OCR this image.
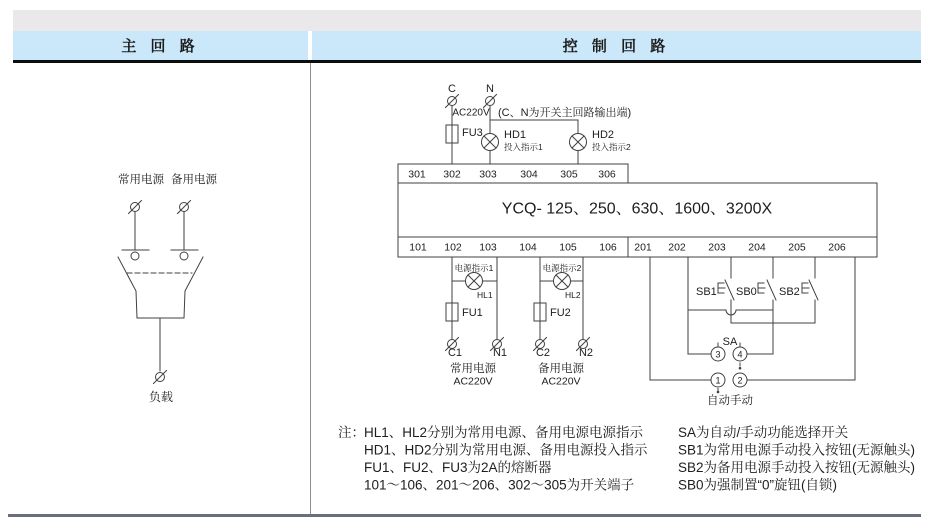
主 回 路	控 制 回 路
常用电源 备用电源
负载
C	N
AC220V (C、N为开关主回路输出端)
FU3 HD1
投入指示1
HD2
投入指示2
301 302 303 304 305 306
YCQ- 125、250、630、1600、3200X
101 102 103 104 105 106 201 202 203 204 205 206
电源指示1
HL1
FU1
C1	N1
常用电源
AC220V
电源指示2
HL2
FU2
C2	N2
备用电源
AC220V
SB1 SB0 SB2
SA
3 4
1 2
自动手动
注： HL1、HL2分别为常用电源、备用电源电源指示
HD1、HD2分别为常用电源、备用电源投入指示
FU1、FU2、FU3为2A的熔断器
101～106、201～206、302～305为开关端子
SA为自动/手动功能选择开关
SB1为常用电源手动投入按钮(无源触头)
SB2为备用电源手动投入按钮(无源触头)
SB0为强制置“0”旋钮(自锁)
